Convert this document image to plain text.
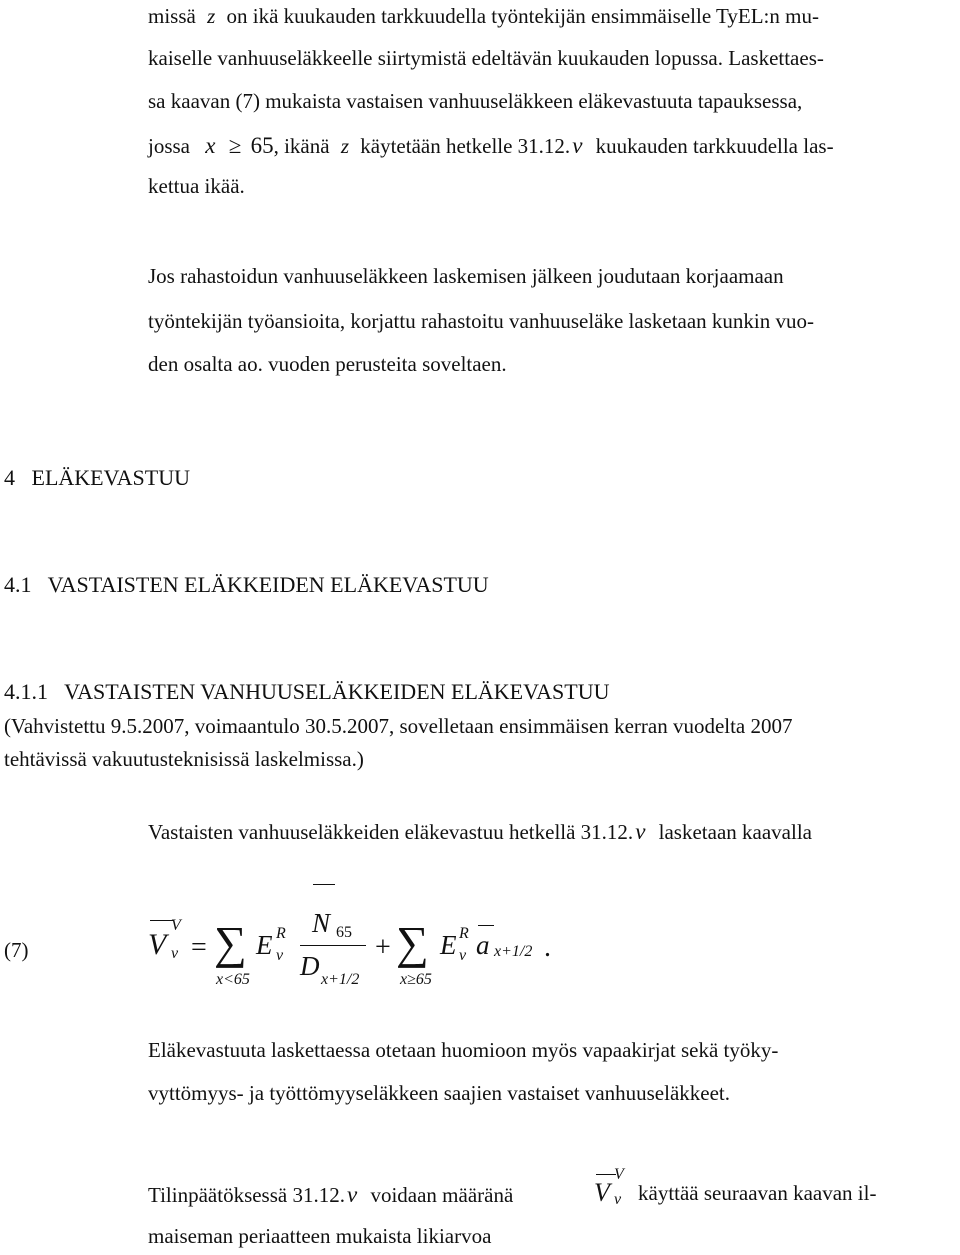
missä z on ikä kuukauden tarkkuudella työntekijän ensimmäiselle TyEL:n mu-
kaiselle vanhuuseläkkeelle siirtymistä edeltävän kuukauden lopussa. Laskettaes-
sa kaavan (7) mukaista vastaisen vanhuuseläkkeen eläkevastuuta tapauksessa,
jossa x ≥ 65, ikänä z käytetään hetkelle 31.12.v kuukauden tarkkuudella las-
kettua ikää.
Jos rahastoidun vanhuuseläkkeen laskemisen jälkeen joudutaan korjaamaan
työntekijän työansioita, korjattu rahastoitu vanhuuseläke lasketaan kunkin vuo-
den osalta ao. vuoden perusteita soveltaen.
4   ELÄKEVASTUU
4.1   VASTAISTEN ELÄKKEIDEN ELÄKEVASTUU
4.1.1   VASTAISTEN VANHUUSELÄKKEIDEN ELÄKEVASTUU
(Vahvistettu 9.5.2007, voimaantulo 30.5.2007, sovelletaan ensimmäisen kerran vuodelta 2007
tehtävissä vakuutusteknisissä laskelmissa.)
Vastaisten vanhuuseläkkeiden eläkevastuu hetkellä 31.12.v lasketaan kaavalla
(7)	V
V
v = ∑
x<65
E R
v
N 65
D x+1/2
+ ∑
x≥65
E R
v a x+1/2 .
Eläkevastuuta laskettaessa otetaan huomioon myös vapaakirjat sekä työky-
vyttömyys- ja työttömyyseläkkeen saajien vastaiset vanhuuseläkkeet.
Tilinpäätöksessä 31.12.v voidaan määränä	V
V
v käyttää seuraavan kaavan il-
maiseman periaatteen mukaista likiarvoa
